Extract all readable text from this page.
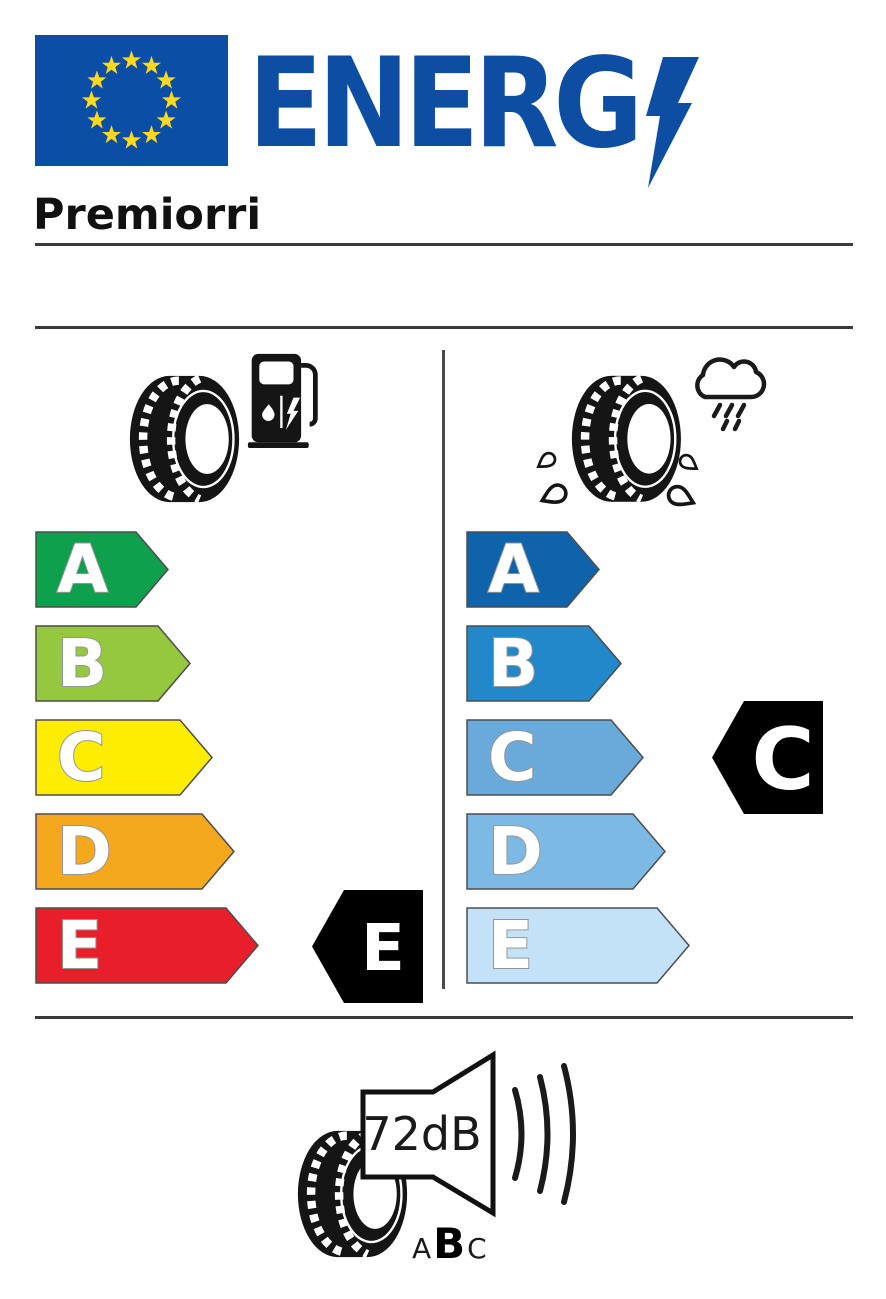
ENERG
Premiorri
A
B
C
D
E
A
B
C
D
E
E
C
72dB
A B C
